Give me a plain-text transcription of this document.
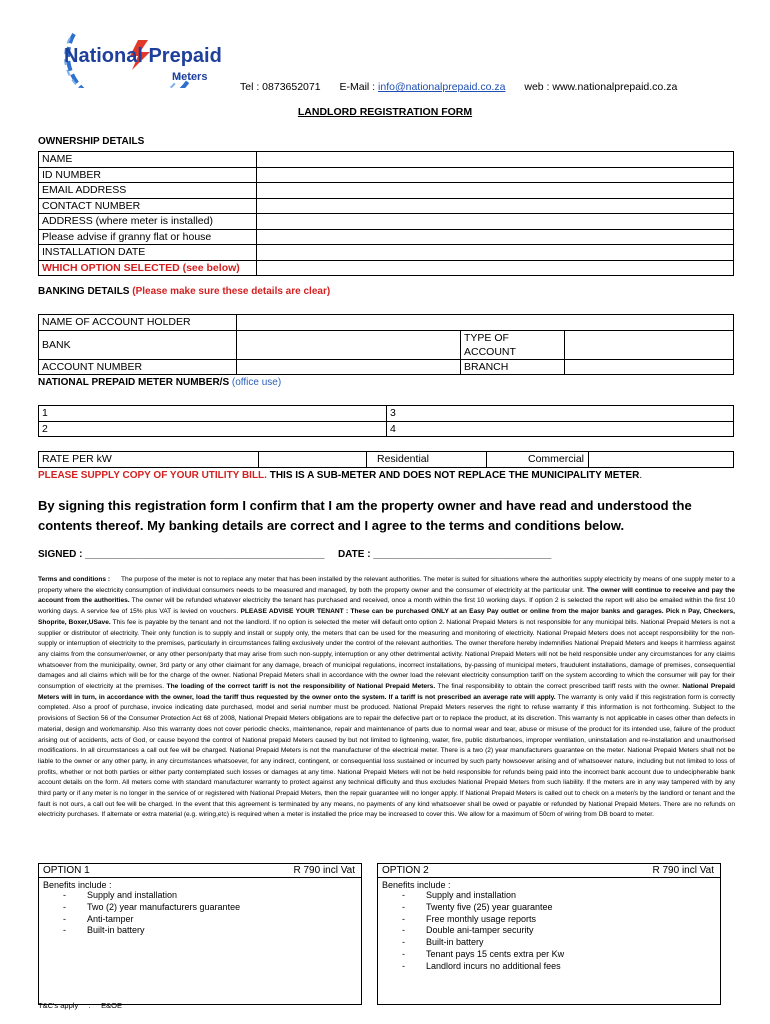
National Prepaid
Meters
Tel : 0873652071 E-Mail : info@nationalprepaid.co.za web : www.nationalprepaid.co.za
LANDLORD REGISTRATION FORM
OWNERSHIP DETAILS
NAME	
ID NUMBER	
EMAIL ADDRESS	
CONTACT NUMBER	
ADDRESS (where meter is installed)	
Please advise if granny flat or house	
INSTALLATION DATE	
WHICH OPTION SELECTED (see below)	
BANKING DETAILS (Please make sure these details are clear)
NAME OF ACCOUNT HOLDER			
BANK		TYPE OF ACCOUNT	
ACCOUNT NUMBER		BRANCH	
NATIONAL PREPAID METER NUMBER/S (office use)
1	3
2	4
RATE PER kW		Residential	Commercial	
PLEASE SUPPLY COPY OF YOUR UTILITY BILL. THIS IS A SUB-METER AND DOES NOT REPLACE THE MUNICIPALITY METER.
By signing this registration form I confirm that I am the property owner and have read and understood the contents thereof. My banking details are correct and I agree to the terms and conditions below.
SIGNED : ___________________________________________ DATE : ________________________________
Terms and conditions : The purpose of the meter is not to replace any meter that has been installed by the relevant authorities. The meter is suited for situations where the authorities supply electricity by means of one supply meter to a property where the electricity consumption of individual consumers needs to be measured and managed, by both the property owner and the consumer of electricity at the particular unit. The owner will continue to receive and pay the account from the authorities. The owner will be refunded whatever electricity the tenant has purchased and received, once a month within the first 10 working days. If option 2 is selected the report will also be emailed within the first 10 working days. A service fee of 15% plus VAT is levied on vouchers. PLEASE ADVISE YOUR TENANT : These can be purchased ONLY at an Easy Pay outlet or online from the major banks and garages. Pick n Pay, Checkers, Shoprite, Boxer,USave. This fee is payable by the tenant and not the landlord. If no option is selected the meter will default onto option 2. National Prepaid Meters is not responsible for any municipal bills. National Prepaid Meters is not a supplier or distributor of electricity. Their only function is to supply and install or supply only, the meters that can be used for the measuring and monitoring of electricity. National Prepaid Meters does not accept responsibility for the non-supply or interruption of electricity to the premises, particularly in circumstances falling exclusively under the control of the relevant authorities. The owner therefore hereby indemnifies National Prepaid Meters and keeps it harmless against any claims from the consumer/owner, or any other person/party that may arise from such non-supply, interruption or any other detrimental activity. National Prepaid Meters will not be held responsible under any circumstances for any claims whatsoever from the municipality, owner, 3rd party or any other claimant for any damage, breach of municipal regulations, incorrect installations, by-passing of municipal meters, fraudulent installations, damage of premises, consequential damages and all claims which will be for the charge of the owner. National Prepaid Meters shall in accordance with the owner load the relevant electricity consumption tariff on the system according to which the consumer will pay for their consumption of electricity at the premises. The loading of the correct tariff is not the responsibility of National Prepaid Meters. The final responsibility to obtain the correct prescribed tariff rests with the owner. National Prepaid Meters will in turn, in accordance with the owner, load the tariff thus requested by the owner onto the system. If a tariff is not prescribed an average rate will apply. The warranty is only valid if this registration form is correctly completed. Also a proof of purchase, invoice indicating date purchased, model and serial number must be produced. National Prepaid Meters reserves the right to refuse warranty if this information is not forthcoming. Subject to the provisions of Section 56 of the Consumer Protection Act 68 of 2008, National Prepaid Meters obligations are to repair the defective part or to replace the product, at its discretion. This warranty is not applicable in cases other than defects in material, design and workmanship. Also this warranty does not cover periodic checks, maintenance, repair and maintenance of parts due to normal wear and tear, abuse or misuse of the product for its intended use, failure of the product arising out of accidents, acts of God, or cause beyond the control of National prepaid Meters caused by but not limited to lightening, water, fire, public disturbances, improper ventilation, uninstallation and re-installation and unauthorised modifications. In all circumstances a call out fee will be charged. National Prepaid Meters is not the manufacturer of the electrical meter. There is a two (2) year manufacturers guarantee on the meter. National Prepaid Meters shall not be liable to the owner or any other party, in any circumstances whatsoever, for any indirect, contingent, or consequential loss sustained or incurred by such party howsoever arising and of whatsoever nature, including but not limited to loss of profits, whether or not both parties or either party contemplated such losses or damages at any time. National Prepaid Meters will not be held responsible for refunds being paid into the incorrect bank account due to undecipherable bank account details on the form. All meters come with standard manufacturer warranty to protect against any technical difficulty and thus excludes National Prepaid Meters from such liability. If the meters are in any way tampered with by any third party or if any meter is no longer in the service of or registered with National Prepaid Meters, then the repair guarantee will no longer apply. If National Prepaid Meters is called out to check on a meter/s by the landlord or tenant and the fault is not ours, a call out fee will be charged. In the event that this agreement is terminated by any means, no payments of any kind whatsoever shall be owed or payable or refunded by National Prepaid Meters. There are no refunds on electricity purchases. If alternate or extra material (e.g. wiring,etc) is required when a meter is installed the price may be increased to cover this. We allow for a maximum of 50cm of wiring from DB board to meter.
OPTION 1	R 790 incl Vat
Benefits include :
- Supply and installation
- Two (2) year manufacturers guarantee
- Anti-tamper
- Built-in battery
OPTION 2	R 790 incl Vat
Benefits include :
- Supply and installation
- Twenty five (25) year guarantee
- Free monthly usage reports
- Double ani-tamper security
- Built-in battery
- Tenant pays 15 cents extra per Kw
- Landlord incurs no additional fees
T&C's apply : E&OE
